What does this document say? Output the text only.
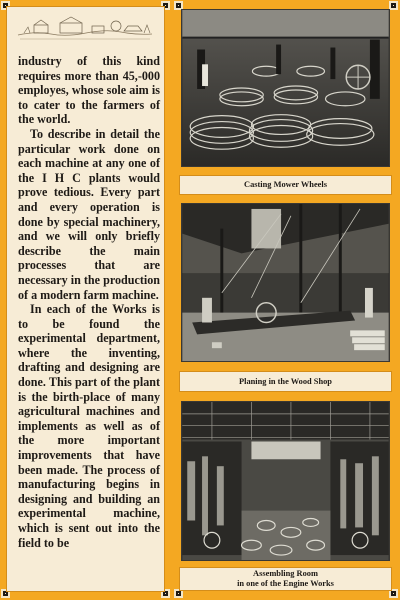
industry of this kind requires more than 45,-000 employes, whose sole aim is to cater to the farmers of the world.

To describe in detail the particular work done on each machine at any one of the I H C plants would prove tedious. Every part and every operation is done by special machinery, and we will only briefly describe the main processes that are necessary in the production of a modern farm machine.

In each of the Works is to be found the experimental department, where the inventing, drafting and designing are done. This part of the plant is the birth-place of many agricultural machines and implements as well as of the more important improvements that have been made. The process of manufacturing begins in designing and building an experimental machine, which is sent out into the field to be

Casting Mower Wheels
Planing in the Wood Shop
Assembling Room
in one of the Engine Works
